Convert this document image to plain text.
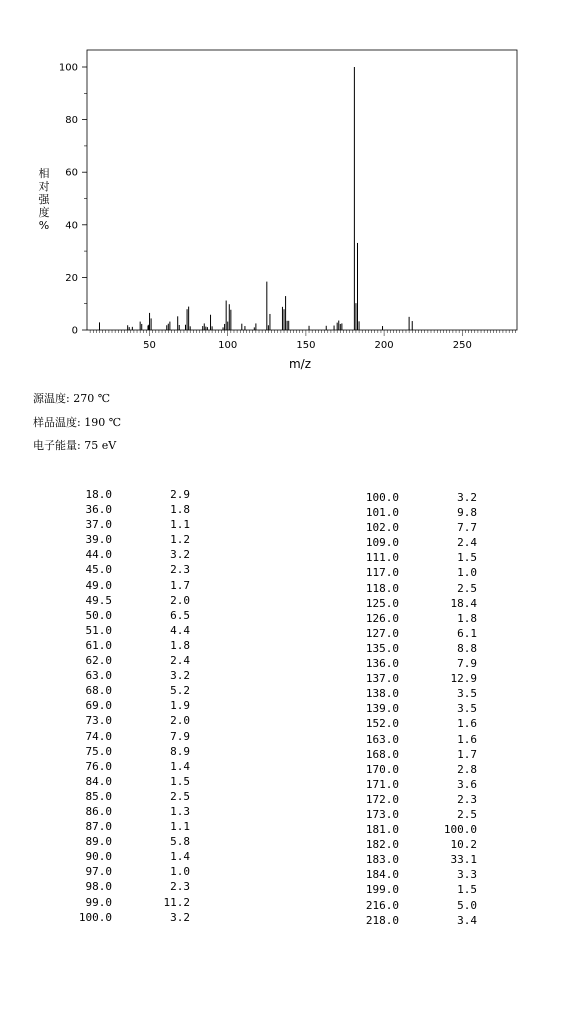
50	100	150	200	250
0
20
40
60
80
100
m/z
相
对
强
度
%
源温度: 270 ℃
样品温度: 190 ℃
电子能量: 75 eV
18.0	2.9
36.0	1.8
37.0	1.1
39.0	1.2
44.0	3.2
45.0	2.3
49.0	1.7
49.5	2.0
50.0	6.5
51.0	4.4
61.0	1.8
62.0	2.4
63.0	3.2
68.0	5.2
69.0	1.9
73.0	2.0
74.0	7.9
75.0	8.9
76.0	1.4
84.0	1.5
85.0	2.5
86.0	1.3
87.0	1.1
89.0	5.8
90.0	1.4
97.0	1.0
98.0	2.3
99.0	11.2
100.0	3.2
100.0	3.2
101.0	9.8
102.0	7.7
109.0	2.4
111.0	1.5
117.0	1.0
118.0	2.5
125.0	18.4
126.0	1.8
127.0	6.1
135.0	8.8
136.0	7.9
137.0	12.9
138.0	3.5
139.0	3.5
152.0	1.6
163.0	1.6
168.0	1.7
170.0	2.8
171.0	3.6
172.0	2.3
173.0	2.5
181.0	100.0
182.0	10.2
183.0	33.1
184.0	3.3
199.0	1.5
216.0	5.0
218.0	3.4
